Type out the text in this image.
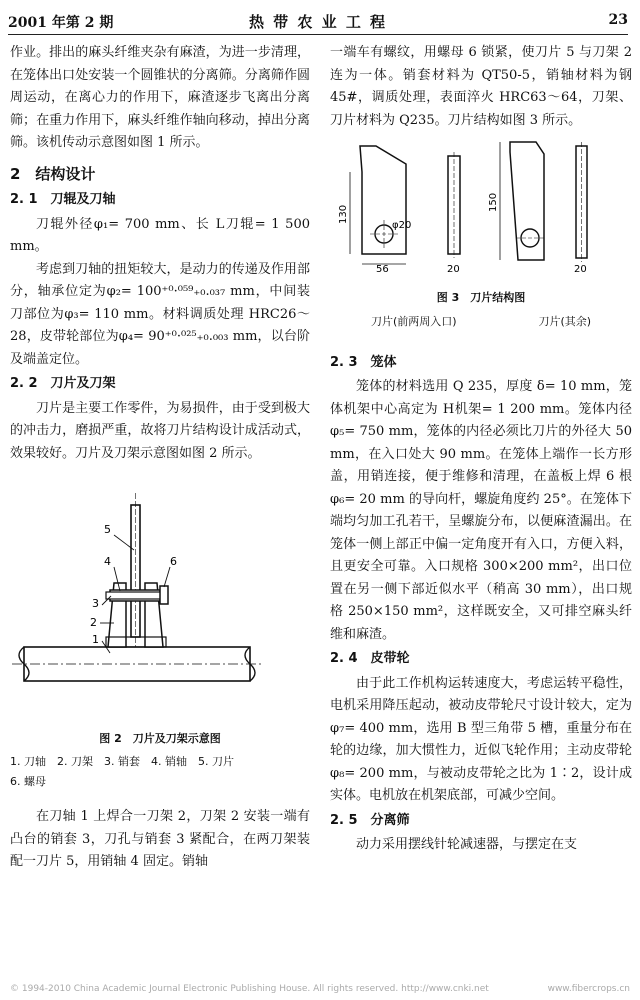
2001 年第 2 期	热 带 农 业 工 程	23

作业。排出的麻头纤维夹杂有麻渣，为进一步清理，在笼体出口处安装一个圆锥状的分离筛。分离筛作圆周运动，在离心力的作用下，麻渣逐步飞离出分离筛；在重力作用下，麻头纤维作轴向移动，掉出分离筛。该机传动示意图如图 1 所示。

2　结构设计
2. 1　刀辊及刀轴

刀辊外径φ₁= 700 mm、长 L刀辊= 1 500 mm。

考虑到刀轴的扭矩较大，是动力的传递及作用部分，轴承位定为φ₂= 100⁺⁰·⁰⁵⁹₊₀.₀₃₇ mm，中间装刀部位为φ₃= 110 mm。材料调质处理 HRC26～28，皮带轮部位为φ₄= 90⁺⁰·⁰²⁵₊₀.₀₀₃ mm，以台阶及端盖定位。

2. 2　刀片及刀架

刀片是主要工作零件，为易损件，由于受到极大的冲击力，磨损严重，故将刀片结构设计成活动式，效果较好。刀片及刀架示意图如图 2 所示。

5
4	6
3
2
1
图 2　刀片及刀架示意图
1. 刀轴　2. 刀架　3. 销套　4. 销轴　5. 刀片
6. 螺母

在刀轴 1 上焊合一刀架 2，刀架 2 安装一端有凸台的销套 3，刀孔与销套 3 紧配合，在两刀架装配一刀片 5，用销轴 4 固定。销轴

一端车有螺纹，用螺母 6 锁紧，使刀片 5 与刀架 2 连为一体。销套材料为 QT50-5，销轴材料为钢 45#，调质处理，表面淬火 HRC63～64，刀架、刀片材料为 Q235。刀片结构如图 3 所示。

130
φ20
56	20
150
20
图 3　刀片结构图
刀片(前两周入口)	刀片(其余)
2. 3　笼体

笼体的材料选用 Q 235，厚度 δ= 10 mm，笼体机架中心高定为 H机架= 1 200 mm。笼体内径φ₅= 750 mm，笼体的内径必须比刀片的外径大 50 mm，在入口处大 90 mm。在笼体上端作一长方形盖，用销连接，便于维修和清理，在盖板上焊 6 根φ₆= 20 mm 的导向杆，螺旋角度约 25°。在笼体下端均匀加工孔若干，呈螺旋分布，以便麻渣漏出。在笼体一侧上部正中偏一定角度开有入口，方便入料，且更安全可靠。入口规格 300×200 mm²，出口位置在另一侧下部近似水平（稍高 30 mm），出口规格 250×150 mm²，这样既安全，又可排空麻头纤维和麻渣。

2. 4　皮带轮

由于此工作机构运转速度大，考虑运转平稳性，电机采用降压起动，被动皮带轮尺寸设计较大，定为φ₇= 400 mm，选用 B 型三角带 5 槽，重量分布在轮的边缘，加大惯性力，近似飞轮作用；主动皮带轮φ₈= 200 mm，与被动皮带轮之比为 1∶2，设计成实体。电机放在机架底部，可减少空间。

2. 5　分离筛

动力采用摆线针轮减速器，与摆定在支

© 1994-2010 China Academic Journal Electronic Publishing House. All rights reserved. http://www.cnki.net	www.fibercrops.cn
